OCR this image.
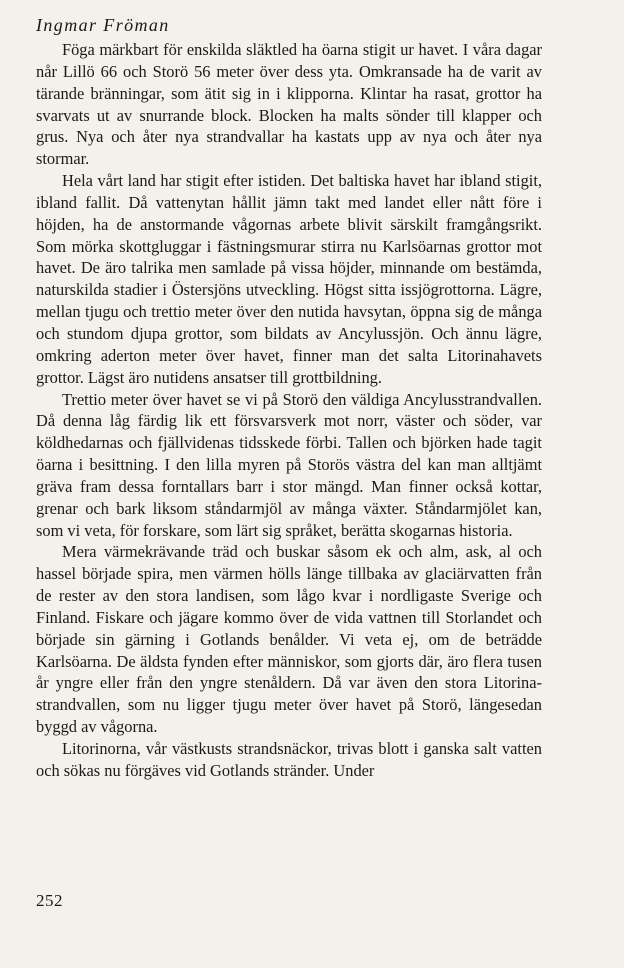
Ingmar Fröman

Föga märkbart för enskilda släktled ha öarna stigit ur havet. I våra dagar når Lillö 66 och Storö 56 meter över dess yta. Omkransade ha de varit av tärande bränningar, som ätit sig in i klipporna. Klintar ha rasat, grottor ha svarvats ut av snurrande block. Blocken ha malts sönder till klapper och grus. Nya och åter nya strandvallar ha kastats upp av nya och åter nya stormar.

Hela vårt land har stigit efter istiden. Det baltiska havet har ibland stigit, ibland fallit. Då vattenytan hållit jämn takt med landet eller nått före i höjden, ha de anstormande vågornas arbete blivit särskilt framgångsrikt. Som mörka skottgluggar i fästningsmurar stirra nu Karlsöarnas grottor mot havet. De äro talrika men samlade på vissa höjder, minnande om bestämda, naturskilda stadier i Östersjöns utveckling. Högst sitta issjögrottorna. Lägre, mellan tjugu och trettio meter över den nutida havsytan, öppna sig de många och stundom djupa grottor, som bildats av Ancylussjön. Och ännu lägre, omkring aderton meter över havet, finner man det salta Litorinahavets grottor. Lägst äro nutidens ansatser till grottbildning.

Trettio meter över havet se vi på Storö den väldiga Ancylusstrandvallen. Då denna låg färdig lik ett försvarsverk mot norr, väster och söder, var köldhedarnas och fjällvidenas tidsskede förbi. Tallen och björken hade tagit öarna i besittning. I den lilla myren på Storös västra del kan man alltjämt gräva fram dessa forntallars barr i stor mängd. Man finner också kottar, grenar och bark liksom ståndarmjöl av många växter. Ståndarmjölet kan, som vi veta, för forskare, som lärt sig språket, berätta skogarnas historia.

Mera värmekrävande träd och buskar såsom ek och alm, ask, al och hassel började spira, men värmen hölls länge tillbaka av glaciärvatten från de rester av den stora landisen, som lågo kvar i nordligaste Sverige och Finland. Fiskare och jägare kommo över de vida vattnen till Storlandet och började sin gärning i Gotlands benålder. Vi veta ej, om de beträdde Karlsöarna. De äldsta fynden efter människor, som gjorts där, äro flera tusen år yngre eller från den yngre stenåldern. Då var även den stora Litorina-strandvallen, som nu ligger tjugu meter över havet på Storö, längesedan byggd av vågorna.

Litorinorna, vår västkusts strandsnäckor, trivas blott i ganska salt vatten och sökas nu förgäves vid Gotlands stränder. Under

252
